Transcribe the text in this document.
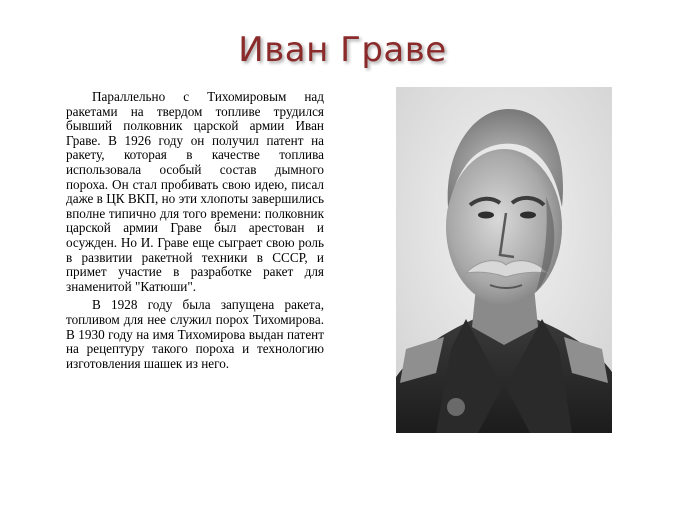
Иван Граве

Параллельно с Тихомировым над ракетами на твердом топливе трудился бывший полковник царской армии Иван Граве. В 1926 году он получил патент на ракету, которая в качестве топлива использовала особый состав дымного пороха. Он стал пробивать свою идею, писал даже в ЦК ВКП, но эти хлопоты завершились вполне типично для того времени: полковник царской армии Граве был арестован и осужден. Но И. Граве еще сыграет свою роль в развитии ракетной техники в СССР, и примет участие в разработке ракет для знаменитой "Катюши".

В 1928 году была запущена ракета, топливом для нее служил порох Тихомирова. В 1930 году на имя Тихомирова выдан патент на рецептуру такого пороха и технологию изготовления шашек из него.
